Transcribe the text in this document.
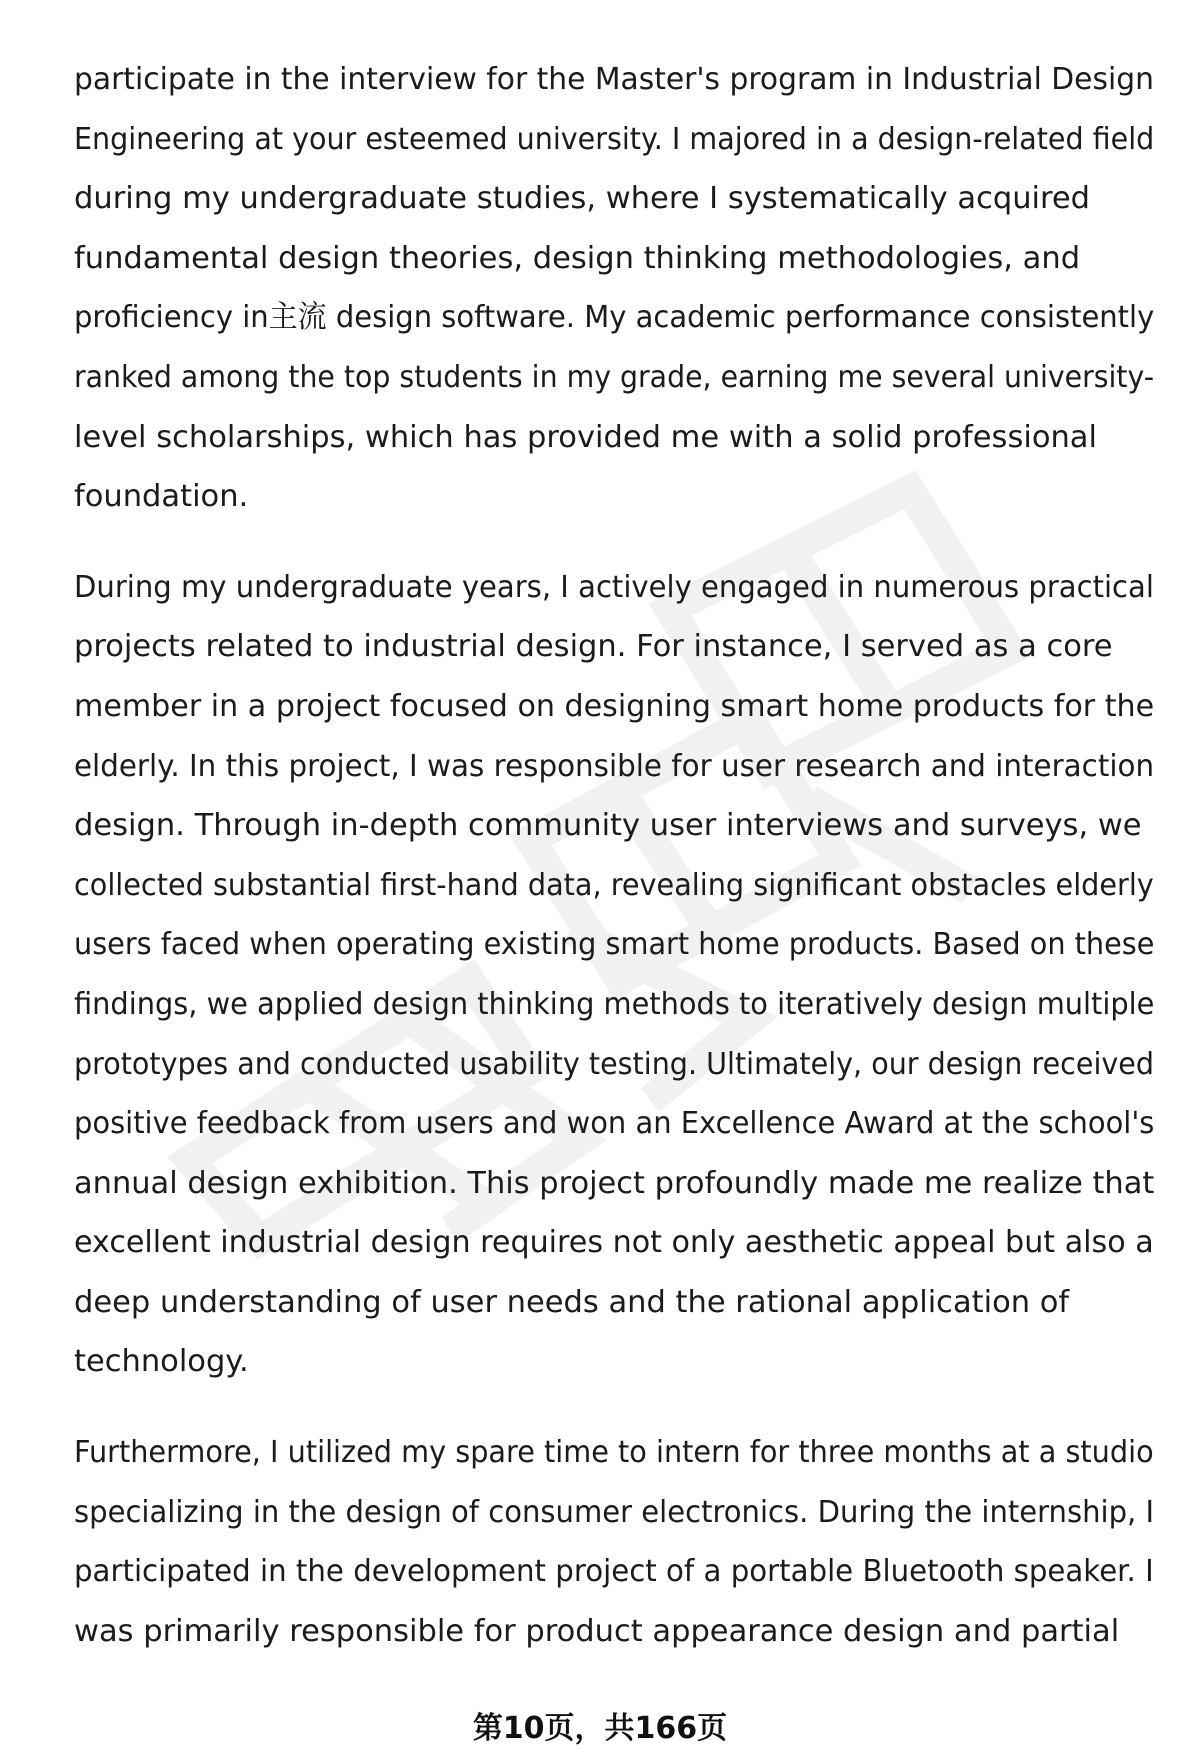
participate in the interview for the Master's program in Industrial Design
Engineering at your esteemed university. I majored in a design-related field
during my undergraduate studies, where I systematically acquired
fundamental design theories, design thinking methodologies, and
proficiency in主流 design software. My academic performance consistently
ranked among the top students in my grade, earning me several university-
level scholarships, which has provided me with a solid professional
foundation.
During my undergraduate years, I actively engaged in numerous practical
projects related to industrial design. For instance, I served as a core
member in a project focused on designing smart home products for the
elderly. In this project, I was responsible for user research and interaction
design. Through in-depth community user interviews and surveys, we
collected substantial first-hand data, revealing significant obstacles elderly
users faced when operating existing smart home products. Based on these
findings, we applied design thinking methods to iteratively design multiple
prototypes and conducted usability testing. Ultimately, our design received
positive feedback from users and won an Excellence Award at the school's
annual design exhibition. This project profoundly made me realize that
excellent industrial design requires not only aesthetic appeal but also a
deep understanding of user needs and the rational application of
technology.
Furthermore, I utilized my spare time to intern for three months at a studio
specializing in the design of consumer electronics. During the internship, I
participated in the development project of a portable Bluetooth speaker. I
was primarily responsible for product appearance design and partial
第10页，共166页
